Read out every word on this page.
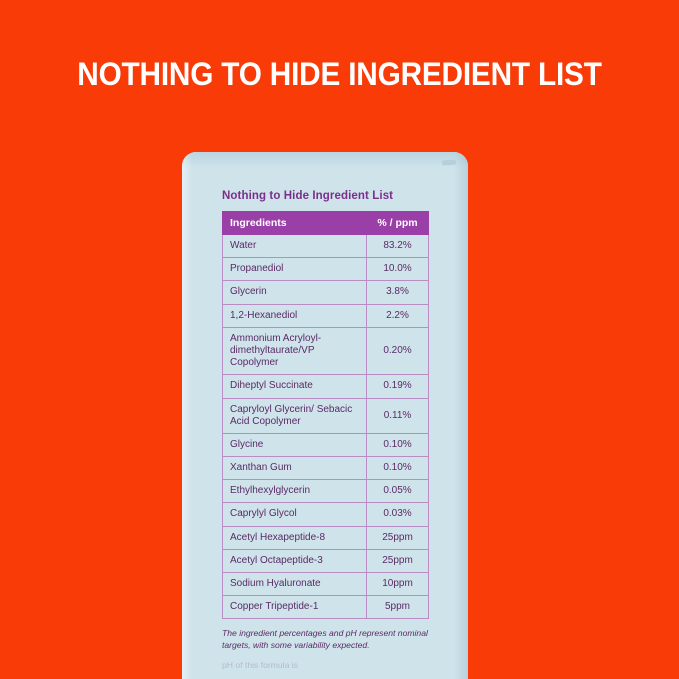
NOTHING TO HIDE INGREDIENT LIST
Nothing to Hide Ingredient List
Ingredients	% / ppm
Water	83.2%
Propanediol	10.0%
Glycerin	3.8%
1,2-Hexanediol	2.2%
Ammonium Acryloyl-dimethyltaurate/VP Copolymer	0.20%
Diheptyl Succinate	0.19%
Capryloyl Glycerin/ Sebacic Acid Copolymer	0.11%
Glycine	0.10%
Xanthan Gum	0.10%
Ethylhexylglycerin	0.05%
Caprylyl Glycol	0.03%
Acetyl Hexapeptide-8	25ppm
Acetyl Octapeptide-3	25ppm
Sodium Hyaluronate	10ppm
Copper Tripeptide-1	5ppm
The ingredient percentages and pH represent nominal targets, with some variability expected.
pH of this formula is
